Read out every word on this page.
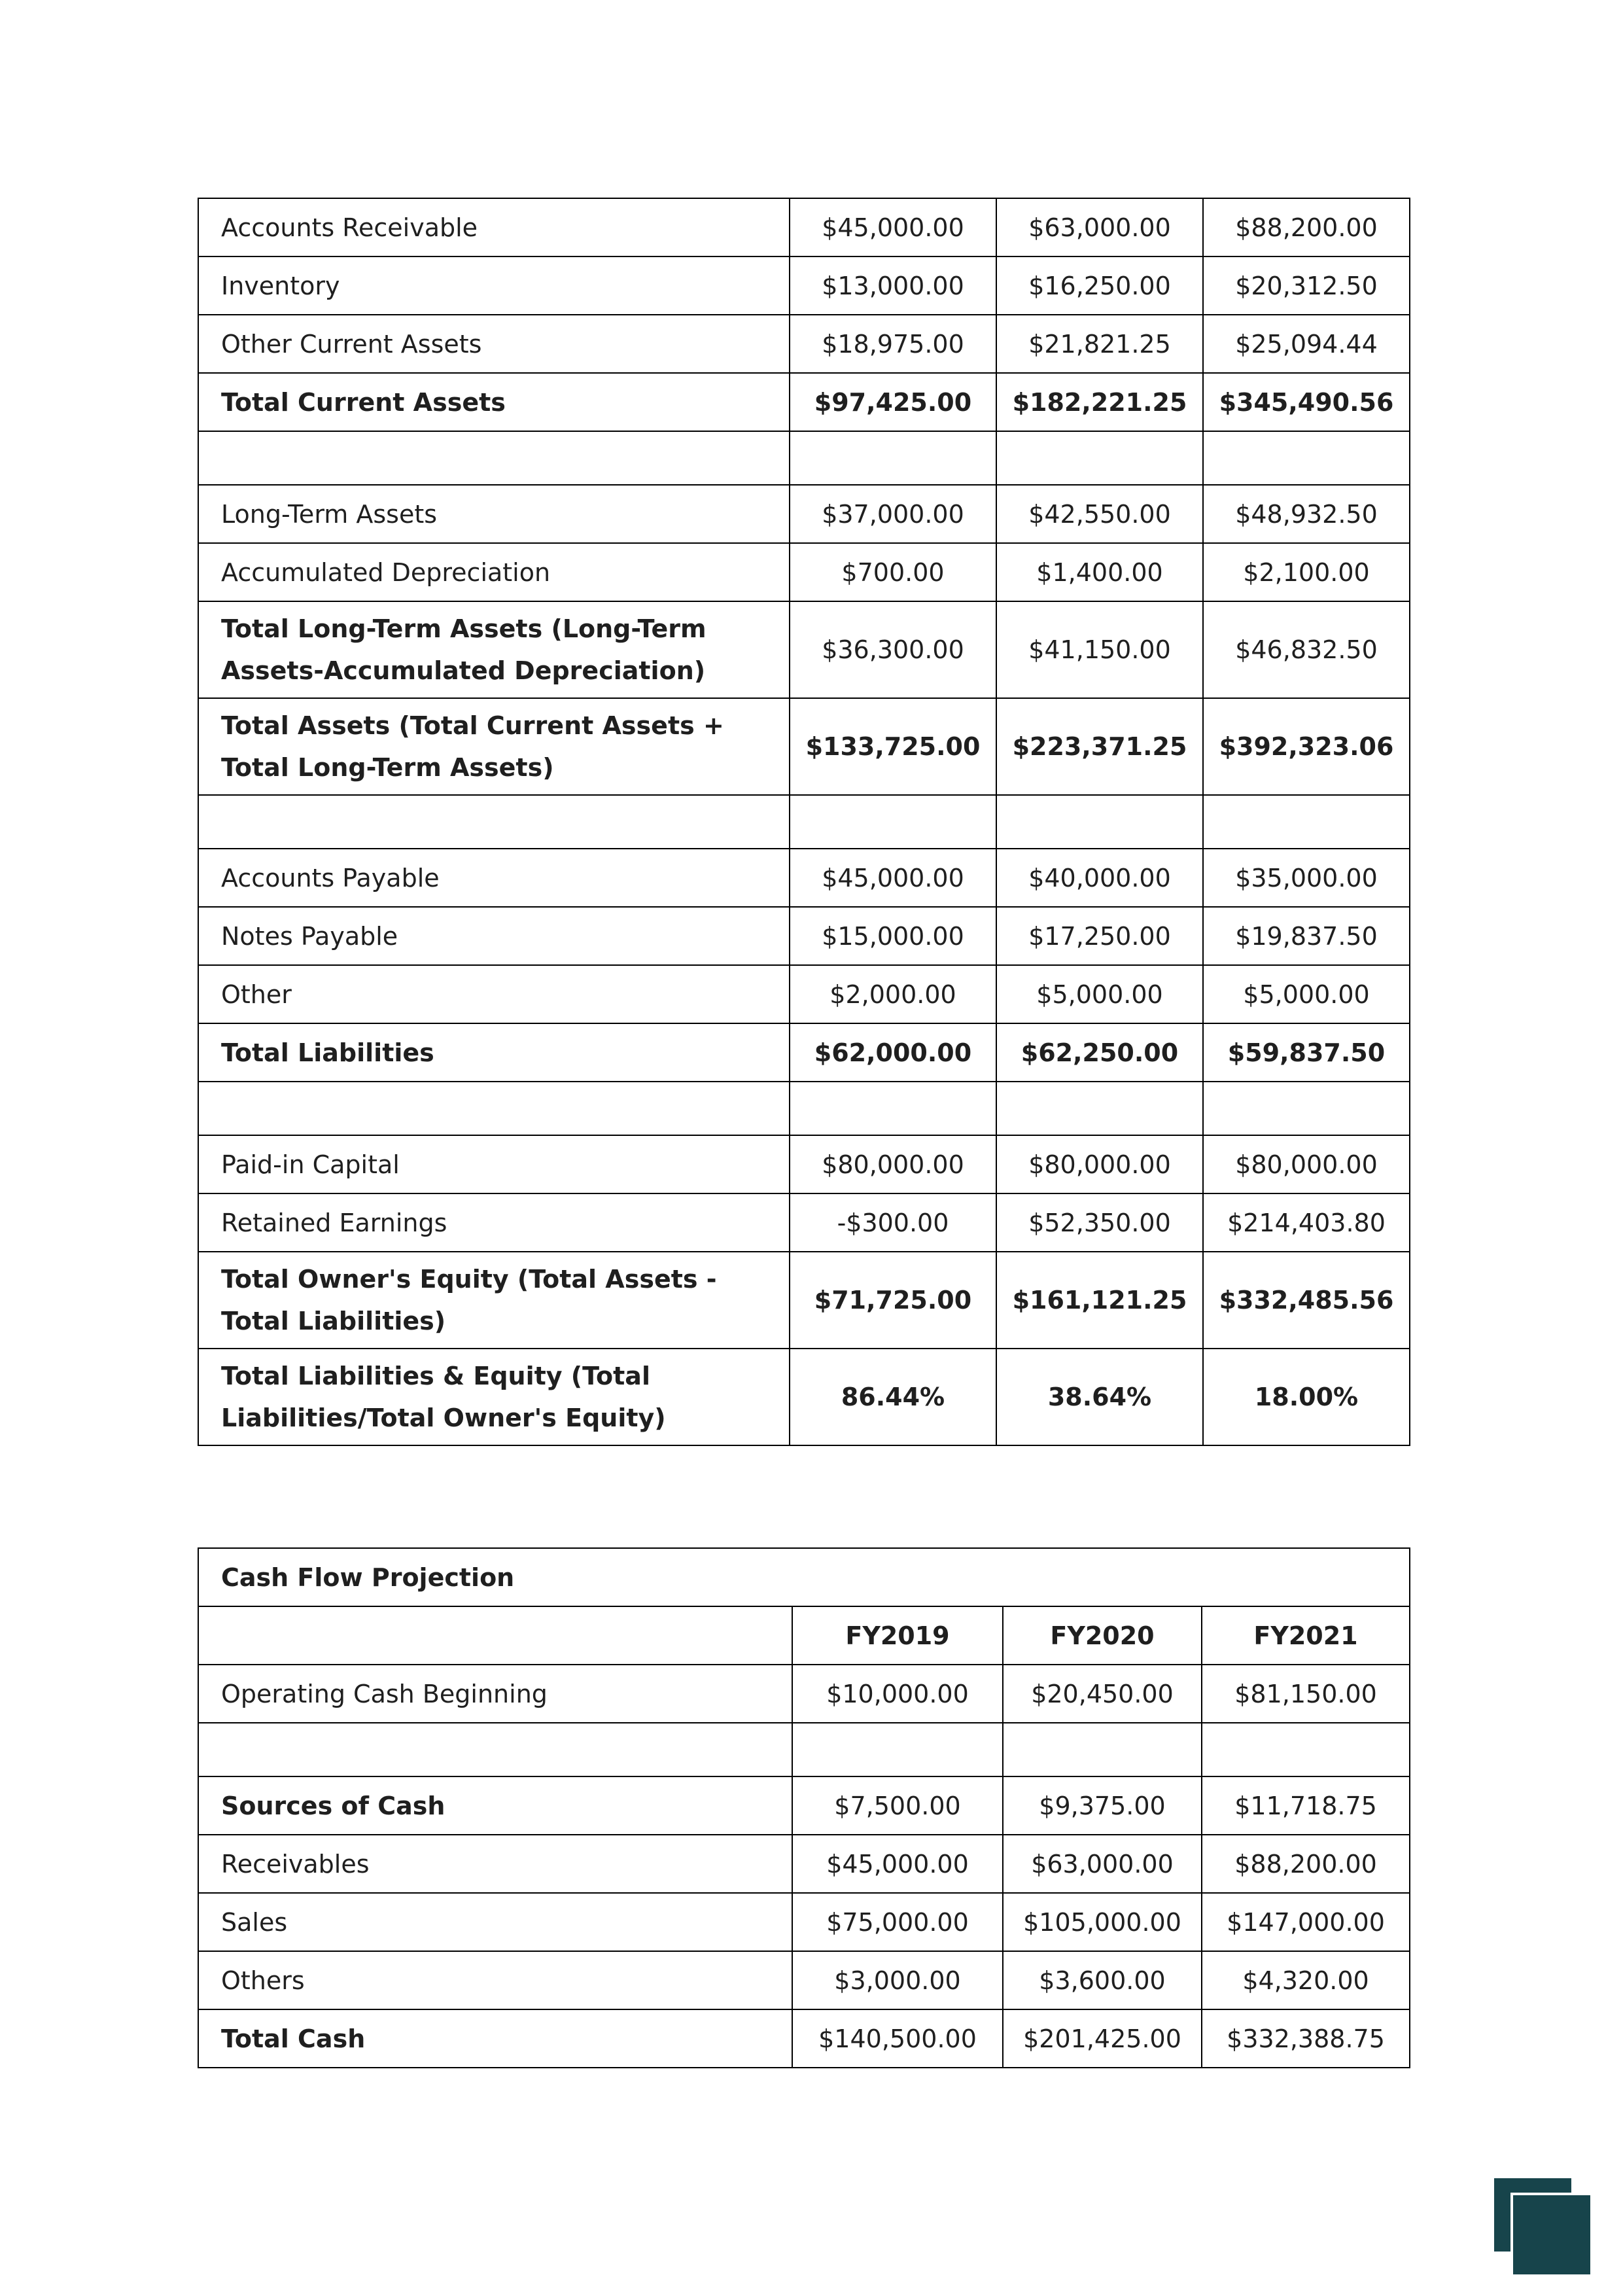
Accounts Receivable	$45,000.00	$63,000.00	$88,200.00
Inventory	$13,000.00	$16,250.00	$20,312.50
Other Current Assets	$18,975.00	$21,821.25	$25,094.44
Total Current Assets	$97,425.00	$182,221.25	$345,490.56

Long-Term Assets	$37,000.00	$42,550.00	$48,932.50
Accumulated Depreciation	$700.00	$1,400.00	$2,100.00
Total Long-Term Assets (Long-Term Assets-Accumulated Depreciation)	$36,300.00	$41,150.00	$46,832.50
Total Assets (Total Current Assets + Total Long-Term Assets)	$133,725.00	$223,371.25	$392,323.06

Accounts Payable	$45,000.00	$40,000.00	$35,000.00
Notes Payable	$15,000.00	$17,250.00	$19,837.50
Other	$2,000.00	$5,000.00	$5,000.00
Total Liabilities	$62,000.00	$62,250.00	$59,837.50

Paid-in Capital	$80,000.00	$80,000.00	$80,000.00
Retained Earnings	-$300.00	$52,350.00	$214,403.80
Total Owner's Equity (Total Assets - Total Liabilities)	$71,725.00	$161,121.25	$332,485.56
Total Liabilities & Equity (Total Liabilities/Total Owner's Equity)	86.44%	38.64%	18.00%
Cash Flow Projection			
	FY2019	FY2020	FY2021
Operating Cash Beginning	$10,000.00	$20,450.00	$81,150.00

Sources of Cash	$7,500.00	$9,375.00	$11,718.75
Receivables	$45,000.00	$63,000.00	$88,200.00
Sales	$75,000.00	$105,000.00	$147,000.00
Others	$3,000.00	$3,600.00	$4,320.00
Total Cash	$140,500.00	$201,425.00	$332,388.75
